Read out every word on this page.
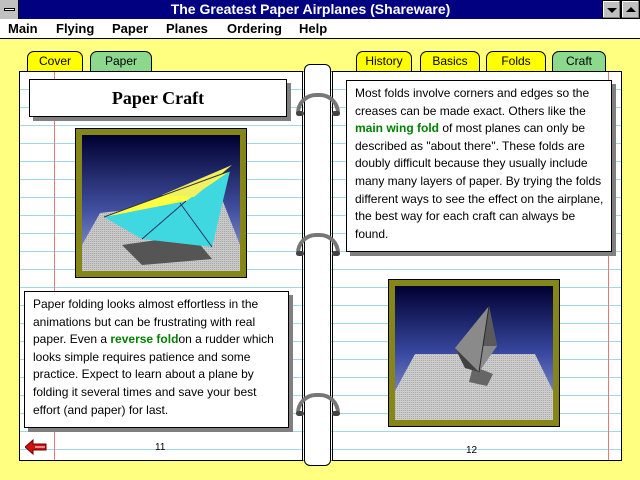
The Greatest Paper Airplanes (Shareware)
Main Flying Paper Planes Ordering Help
Cover	Paper	History	Basics	Folds	Craft
Paper Craft
Paper folding looks almost effortless in the animations but can be frustrating with real paper. Even a reverse foldon a rudder which looks simple requires patience and some practice. Expect to learn about a plane by folding it several times and save your best effort (and paper) for last.
11
Most folds involve corners and edges so the creases can be made exact. Others like the main wing fold of most planes can only be described as "about there". These folds are doubly difficult because they usually include many many layers of paper. By trying the folds different ways to see the effect on the airplane, the best way for each craft can always be found.
12
